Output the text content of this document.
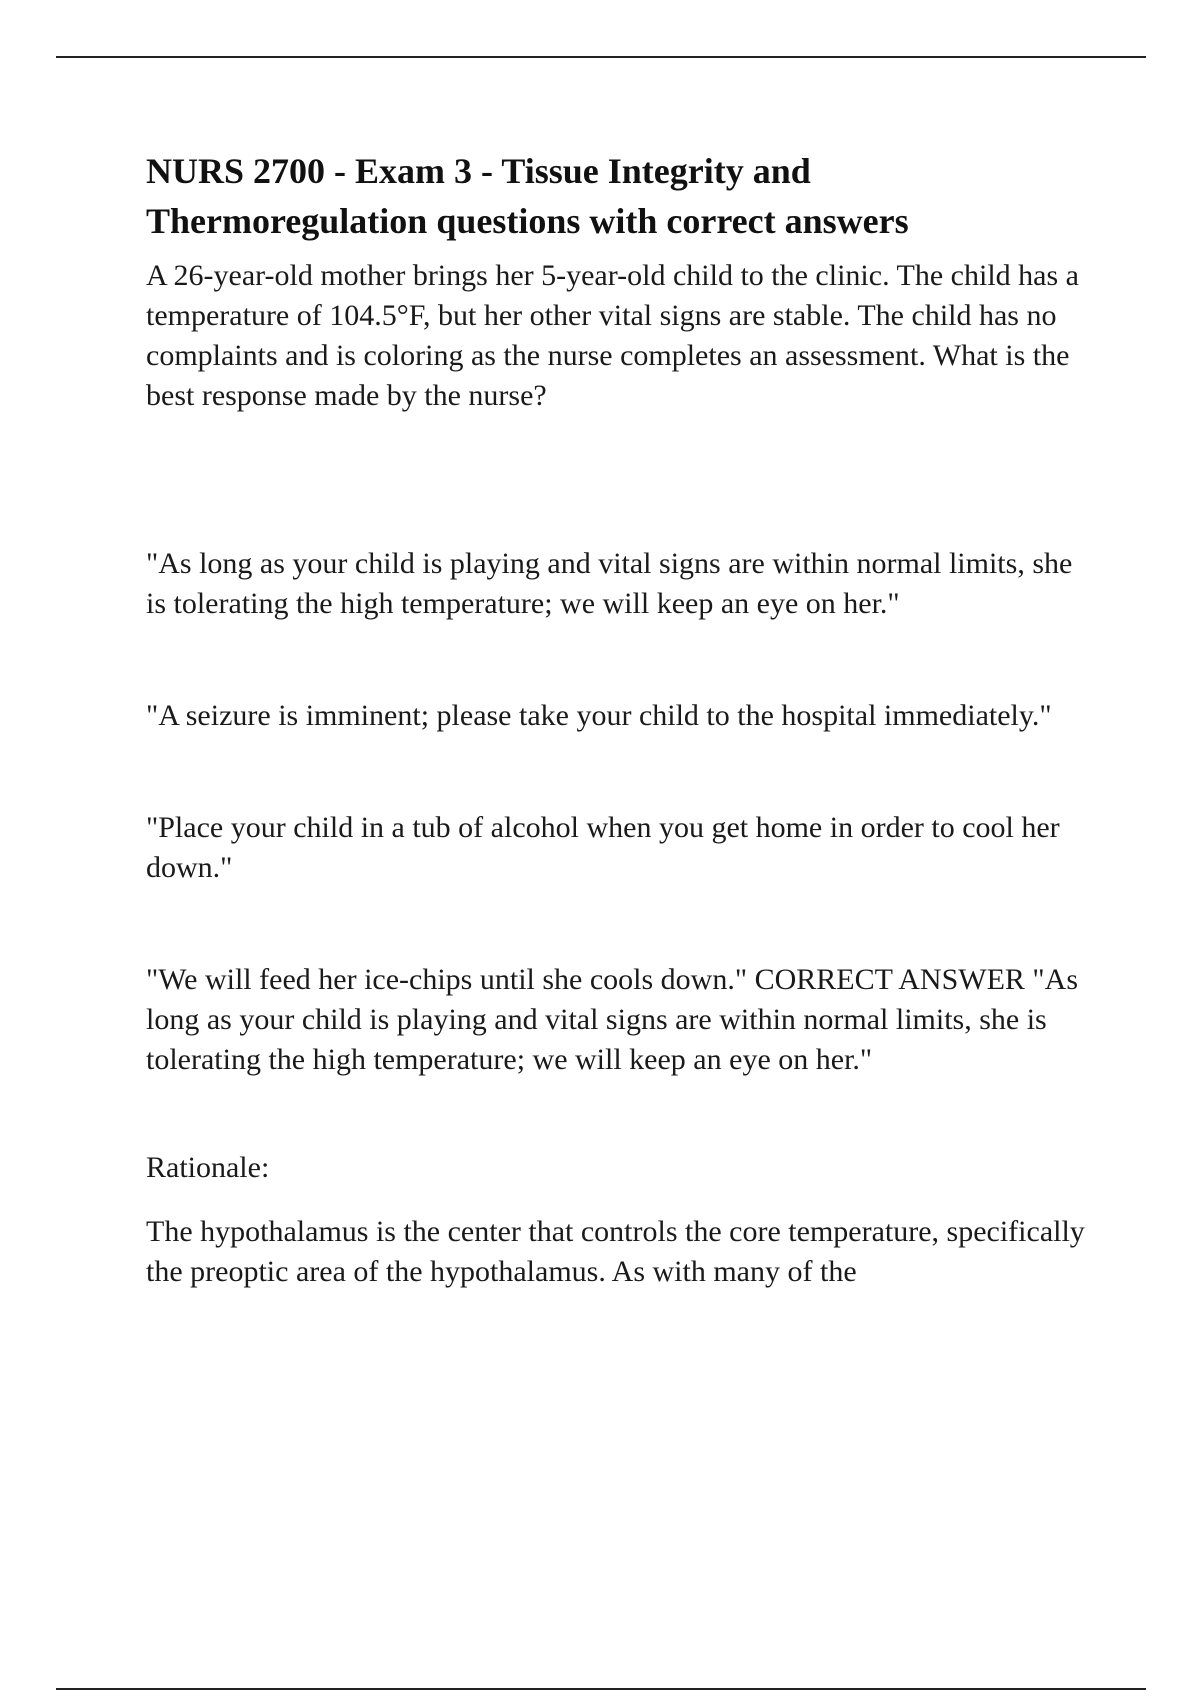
NURS 2700 - Exam 3 - Tissue Integrity and Thermoregulation questions with correct answers

A 26-year-old mother brings her 5-year-old child to the clinic. The child has a temperature of 104.5°F, but her other vital signs are stable. The child has no complaints and is coloring as the nurse completes an assessment. What is the best response made by the nurse?

"As long as your child is playing and vital signs are within normal limits, she is tolerating the high temperature; we will keep an eye on her."

"A seizure is imminent; please take your child to the hospital immediately."

"Place your child in a tub of alcohol when you get home in order to cool her down."

"We will feed her ice-chips until she cools down." CORRECT ANSWER "As long as your child is playing and vital signs are within normal limits, she is tolerating the high temperature; we will keep an eye on her."

Rationale:

The hypothalamus is the center that controls the core temperature, specifically the preoptic area of the hypothalamus. As with many of the
